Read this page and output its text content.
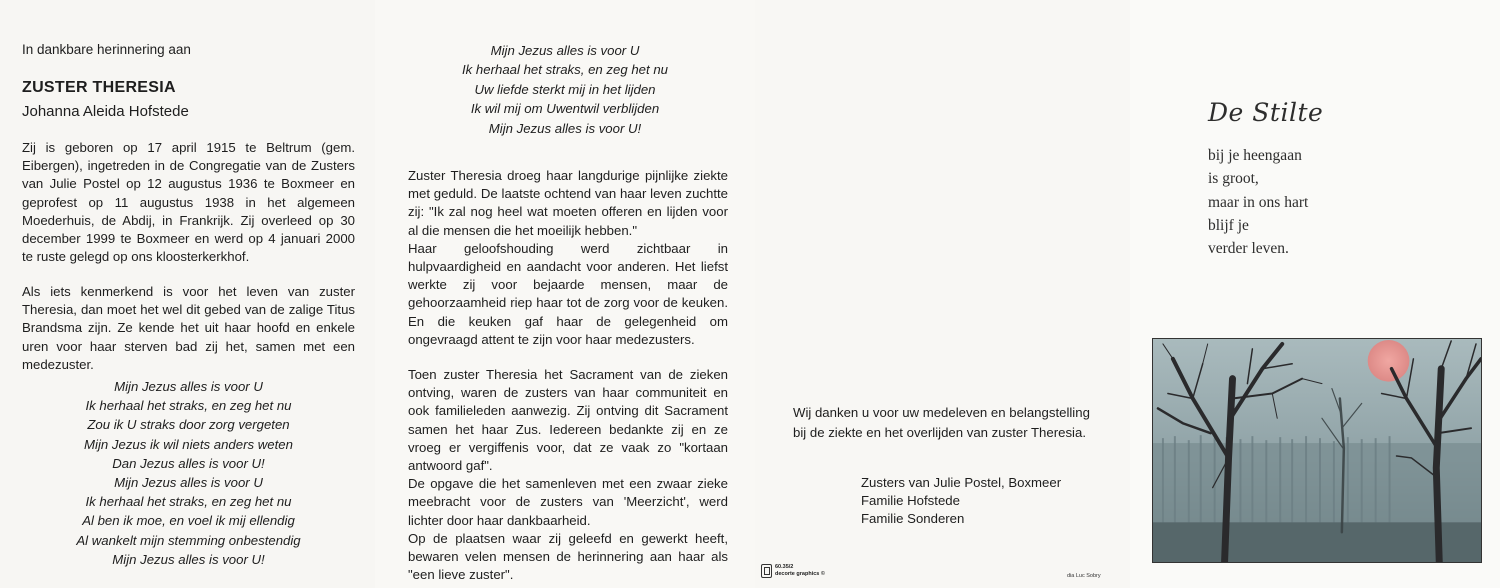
In dankbare herinnering aan
ZUSTER THERESIA
Johanna Aleida Hofstede

Zij is geboren op 17 april 1915 te Beltrum (gem. Eibergen), ingetreden in de Congregatie van de Zusters van Julie Postel op 12 augustus 1936 te Boxmeer en geprofest op 11 augustus 1938 in het algemeen Moederhuis, de Abdij, in Frankrijk. Zij overleed op 30 december 1999 te Boxmeer en werd op 4 januari 2000 te ruste gelegd op ons kloosterkerkhof.

Als iets kenmerkend is voor het leven van zuster Theresia, dan moet het wel dit gebed van de zalige Titus Brandsma zijn. Ze kende het uit haar hoofd en enkele uren voor haar sterven bad zij het, samen met een medezuster.

Mijn Jezus alles is voor U
Ik herhaal het straks, en zeg het nu
Zou ik U straks door zorg vergeten
Mijn Jezus ik wil niets anders weten
Dan Jezus alles is voor U!
Mijn Jezus alles is voor U
Ik herhaal het straks, en zeg het nu
Al ben ik moe, en voel ik mij ellendig
Al wankelt mijn stemming onbestendig
Mijn Jezus alles is voor U!
Mijn Jezus alles is voor U
Ik herhaal het straks, en zeg het nu
Uw liefde sterkt mij in het lijden
Ik wil mij om Uwentwil verblijden
Mijn Jezus alles is voor U!

Zuster Theresia droeg haar langdurige pijnlijke ziekte met geduld. De laatste ochtend van haar leven zuchtte zij: "Ik zal nog heel wat moeten offeren en lijden voor al die mensen die het moeilijk hebben."

Haar geloofshouding werd zichtbaar in hulpvaardigheid en aandacht voor anderen. Het liefst werkte zij voor bejaarde mensen, maar de gehoorzaamheid riep haar tot de zorg voor de keuken. En die keuken gaf haar de gelegenheid om ongevraagd attent te zijn voor haar medezusters.

Toen zuster Theresia het Sacrament van de zieken ontving, waren de zusters van haar communiteit en ook familieleden aanwezig. Zij ontving dit Sacrament samen het haar Zus. Iedereen bedankte zij en ze vroeg er vergiffenis voor, dat ze vaak zo "kortaan antwoord gaf".

De opgave die het samenleven met een zwaar zieke meebracht voor de zusters van 'Meerzicht', werd lichter door haar dankbaarheid.

Op de plaatsen waar zij geleefd en gewerkt heeft, bewaren velen mensen de herinnering aan haar als "een lieve zuster".

Wij danken u voor uw medeleven en belangstelling
bij de ziekte en het overlijden van zuster Theresia.
Zusters van Julie Postel, Boxmeer
Familie Hofstede
Familie Sonderen
60.35/2
decorte graphics ©	dia Luc Sobry
De Stilte
bij je heengaan
is groot,
maar in ons hart
blijf je
verder leven.
